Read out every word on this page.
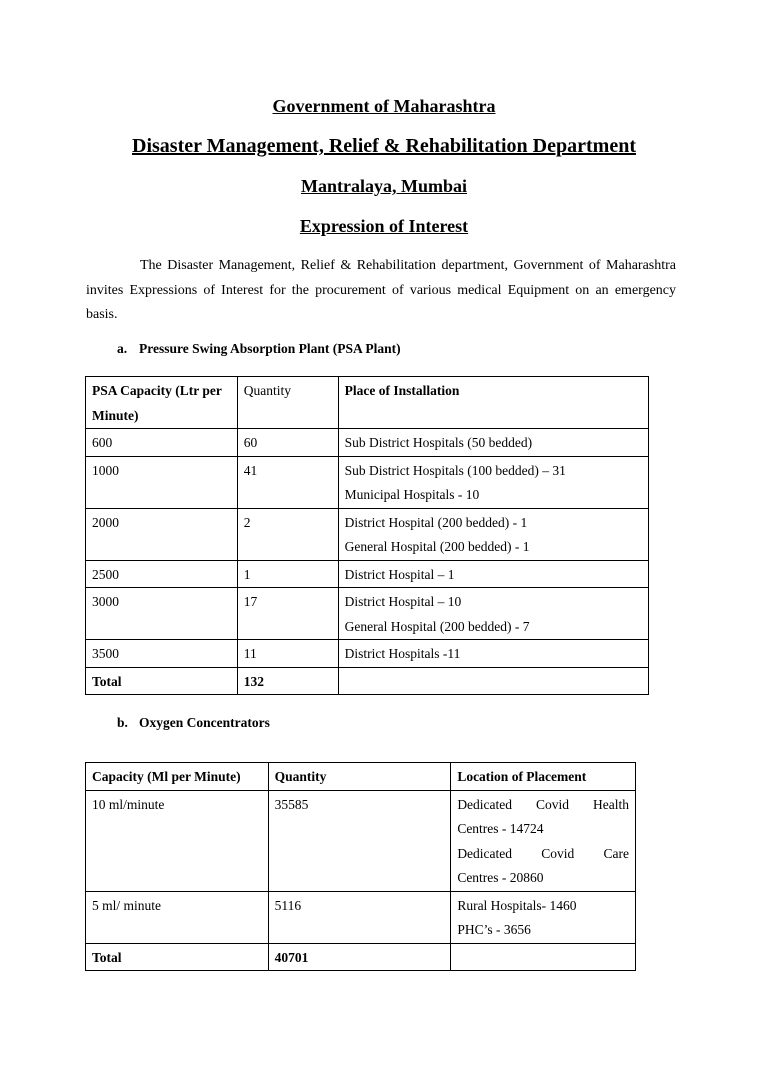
Government of Maharashtra
Disaster Management, Relief & Rehabilitation Department
Mantralaya, Mumbai
Expression of Interest
The Disaster Management, Relief & Rehabilitation department, Government of Maharashtra invites Expressions of Interest for the procurement of various medical Equipment on an emergency basis.
a. Pressure Swing Absorption Plant (PSA Plant)
PSA Capacity (Ltr per Minute)	Quantity	Place of Installation
600	60	Sub District Hospitals (50 bedded)

1000	41	Sub District Hospitals (100 bedded) – 31
Municipal Hospitals - 10

2000	2	District Hospital (200 bedded) - 1
General Hospital (200 bedded) - 1

2500	1	District Hospital – 1

3000	17	District Hospital – 10
General Hospital (200 bedded) - 7

3500	11	District Hospitals -11

Total	132	
b. Oxygen Concentrators
Capacity (Ml per Minute)	Quantity	Location of Placement
10 ml/minute	35585	Dedicated Covid Health
Centres - 14724
Dedicated Covid Care
Centres - 20860

5 ml/ minute	5116	Rural Hospitals- 1460
PHC’s - 3656

Total	40701	
